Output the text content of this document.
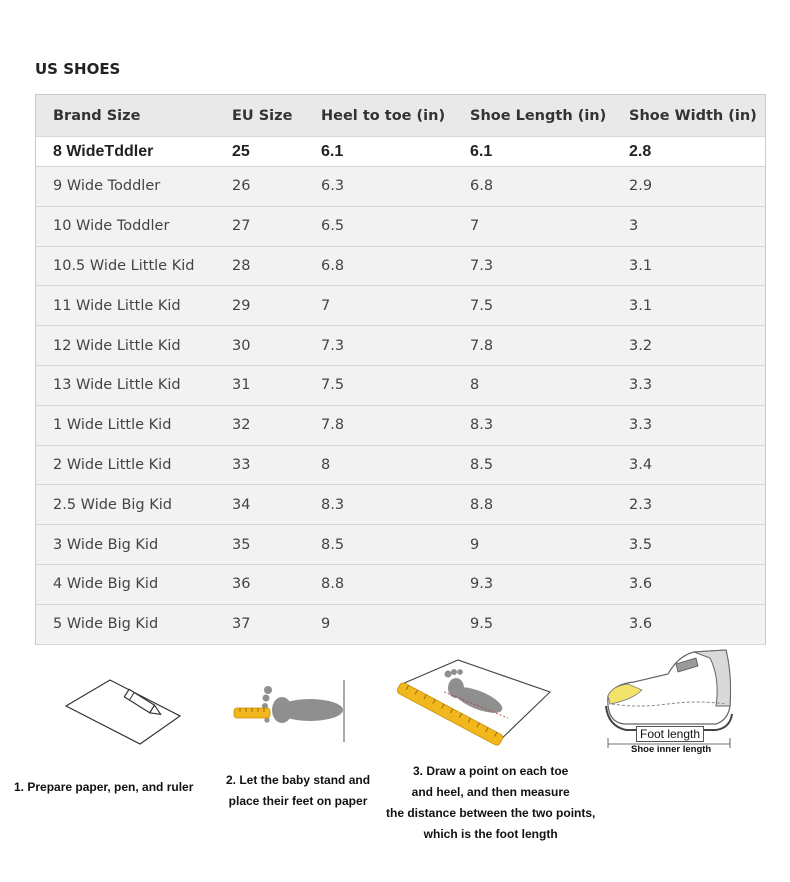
US SHOES
Brand Size	EU Size	Heel to toe (in)	Shoe Length (in)	Shoe Width (in)
8 WideTddler	25	6.1	6.1	2.8
9 Wide Toddler	26	6.3	6.8	2.9
10 Wide Toddler	27	6.5	7	3
10.5 Wide Little Kid	28	6.8	7.3	3.1
11 Wide Little Kid	29	7	7.5	3.1
12 Wide Little Kid	30	7.3	7.8	3.2
13 Wide Little Kid	31	7.5	8	3.3
1 Wide Little Kid	32	7.8	8.3	3.3
2 Wide Little Kid	33	8	8.5	3.4
2.5 Wide Big Kid	34	8.3	8.8	2.3
3 Wide Big Kid	35	8.5	9	3.5
4 Wide Big Kid	36	8.8	9.3	3.6
5 Wide Big Kid	37	9	9.5	3.6
1. Prepare paper, pen, and ruler	2. Let the baby stand and
place their feet on paper
3. Draw a point on each toe
and heel, and then measure
the distance between the two points,
which is the foot length
Foot length
Shoe inner length
